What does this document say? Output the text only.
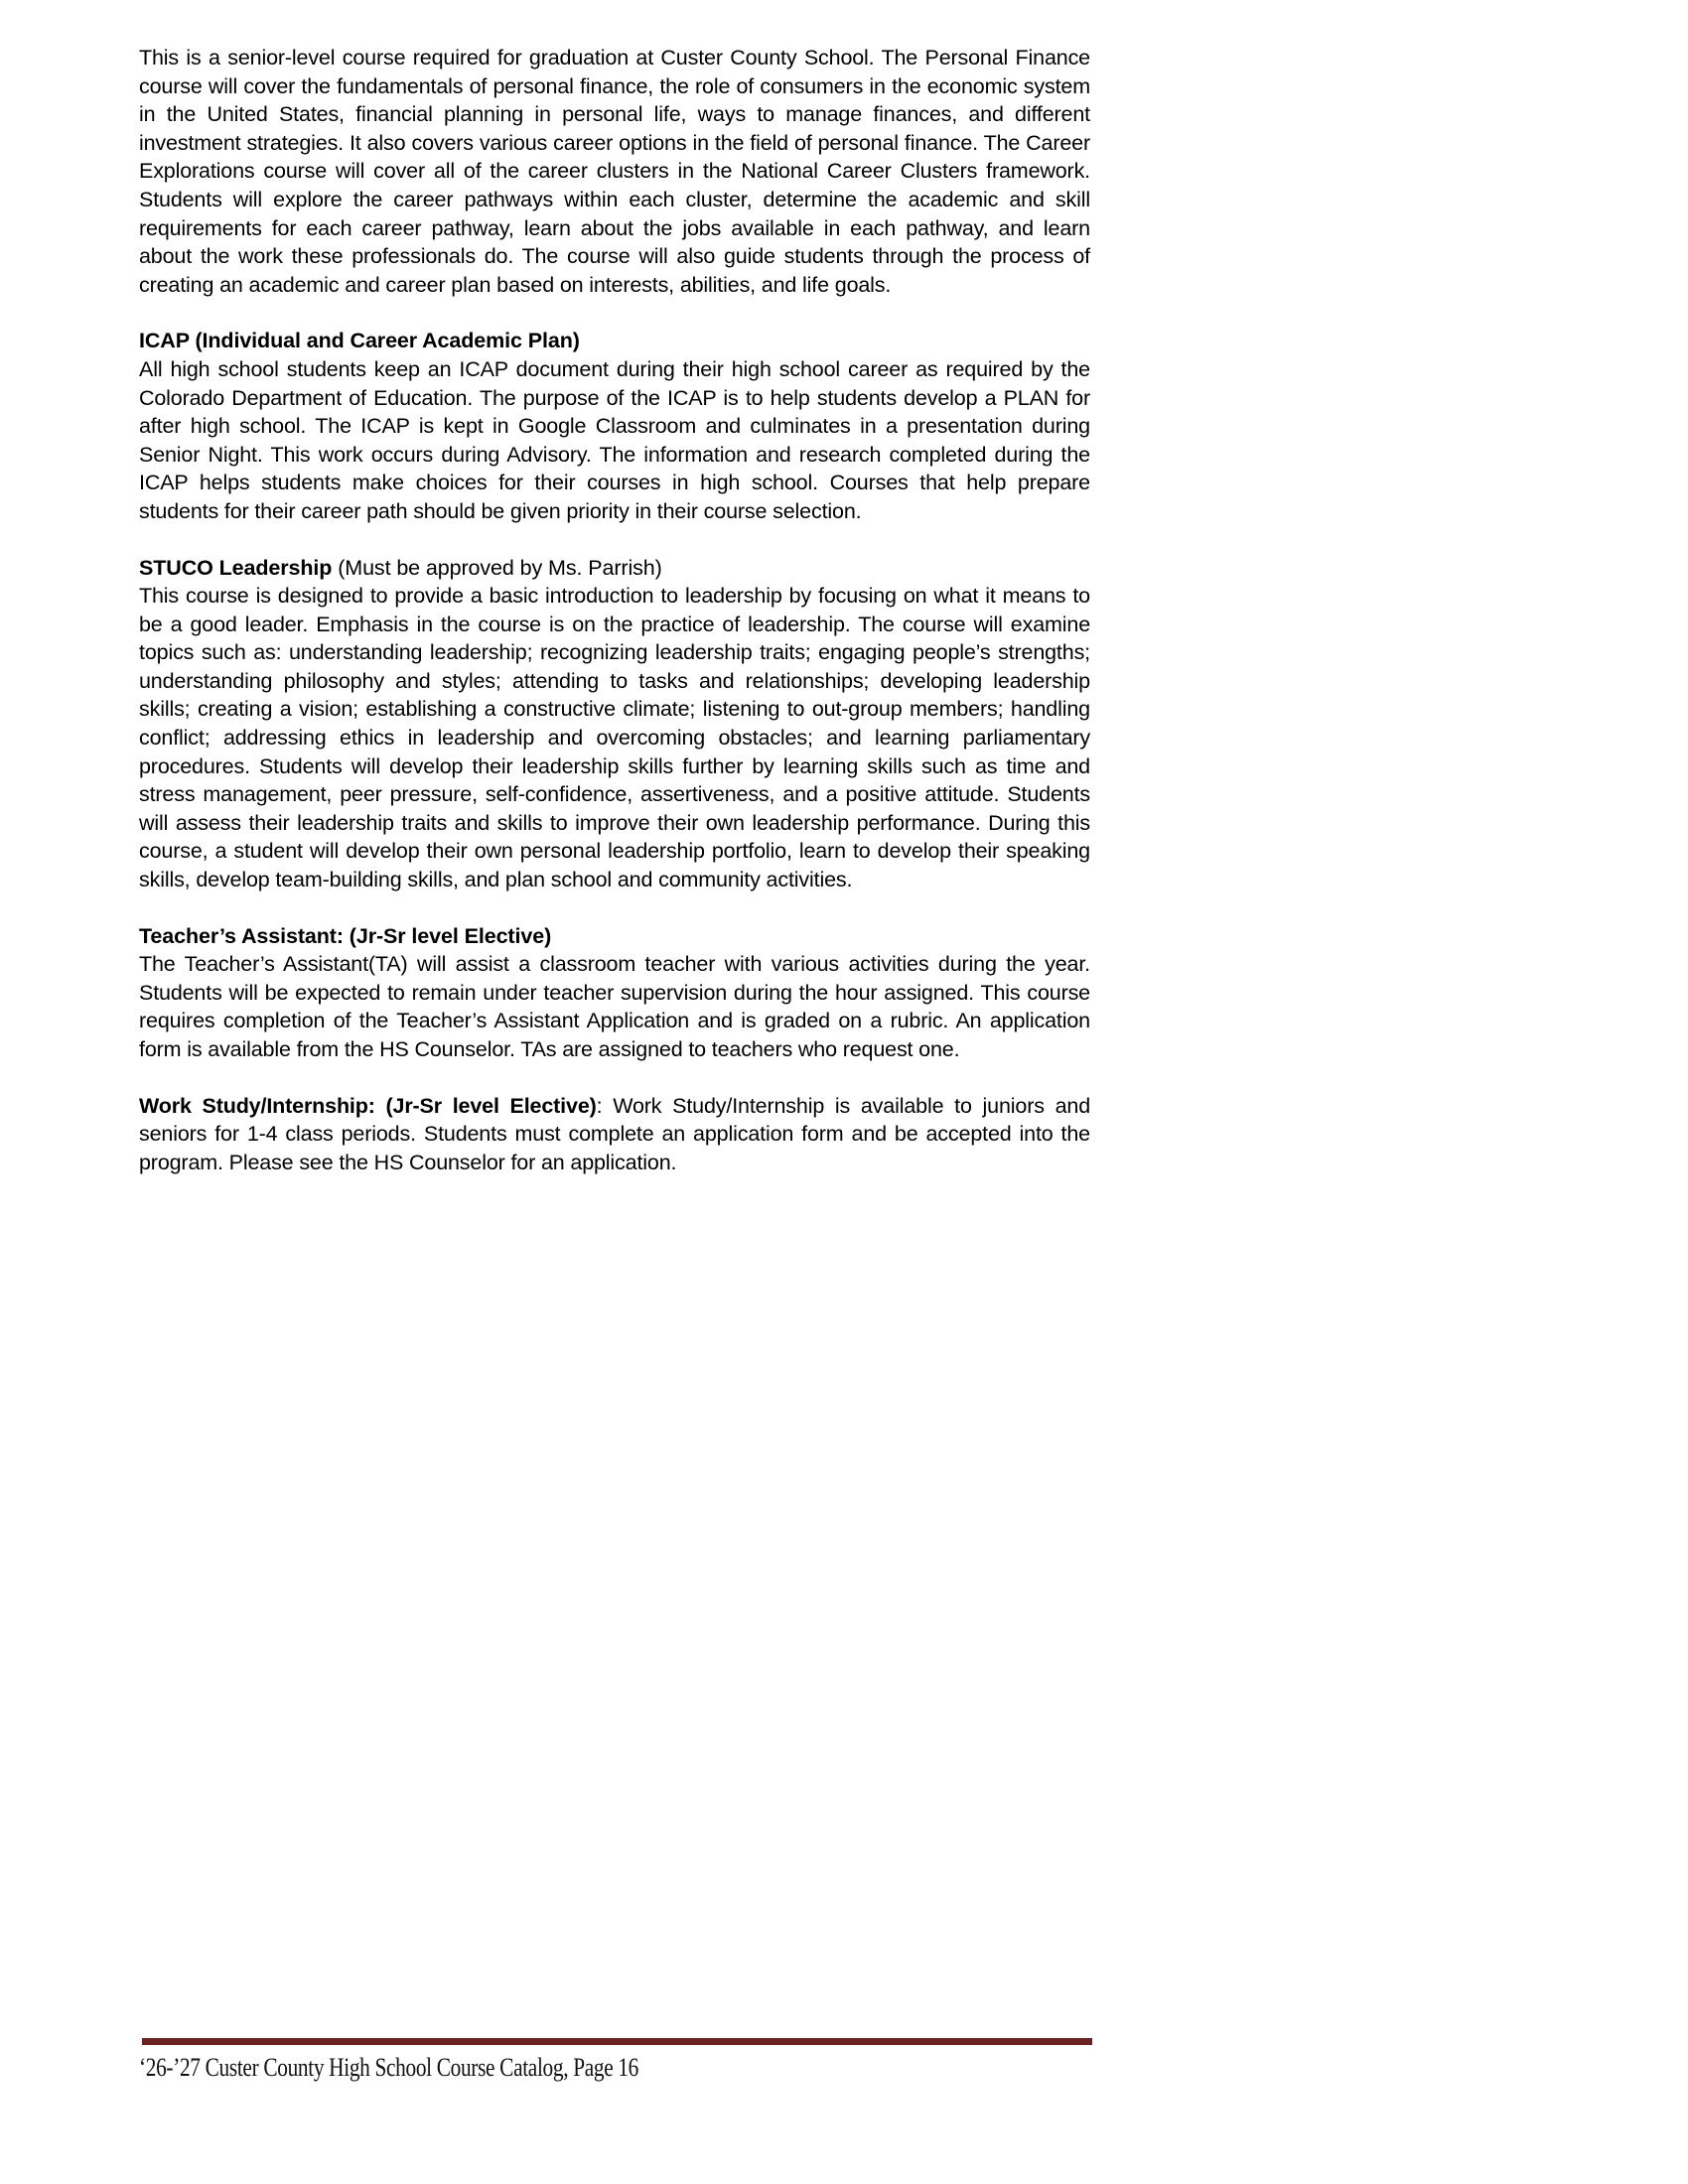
This is a senior-level course required for graduation at Custer County School. The Personal Finance course will cover the fundamentals of personal finance, the role of consumers in the economic system in the United States, financial planning in personal life, ways to manage finances, and different investment strategies. It also covers various career options in the field of personal finance. The Career Explorations course will cover all of the career clusters in the National Career Clusters framework. Students will explore the career pathways within each cluster, determine the academic and skill requirements for each career pathway, learn about the jobs available in each pathway, and learn about the work these professionals do. The course will also guide students through the process of creating an academic and career plan based on interests, abilities, and life goals.

ICAP (Individual and Career Academic Plan)

All high school students keep an ICAP document during their high school career as required by the Colorado Department of Education. The purpose of the ICAP is to help students develop a PLAN for after high school. The ICAP is kept in Google Classroom and culminates in a presentation during Senior Night. This work occurs during Advisory. The information and research completed during the ICAP helps students make choices for their courses in high school. Courses that help prepare students for their career path should be given priority in their course selection.

STUCO Leadership (Must be approved by Ms. Parrish)

This course is designed to provide a basic introduction to leadership by focusing on what it means to be a good leader. Emphasis in the course is on the practice of leadership. The course will examine topics such as: understanding leadership; recognizing leadership traits; engaging people’s strengths; understanding philosophy and styles; attending to tasks and relationships; developing leadership skills; creating a vision; establishing a constructive climate; listening to out-group members; handling conflict; addressing ethics in leadership and overcoming obstacles; and learning parliamentary procedures. Students will develop their leadership skills further by learning skills such as time and stress management, peer pressure, self-confidence, assertiveness, and a positive attitude. Students will assess their leadership traits and skills to improve their own leadership performance. During this course, a student will develop their own personal leadership portfolio, learn to develop their speaking skills, develop team-building skills, and plan school and community activities.

Teacher’s Assistant: (Jr-Sr level Elective)

The Teacher’s Assistant(TA) will assist a classroom teacher with various activities during the year. Students will be expected to remain under teacher supervision during the hour assigned. This course requires completion of the Teacher’s Assistant Application and is graded on a rubric. An application form is available from the HS Counselor. TAs are assigned to teachers who request one.

Work Study/Internship: (Jr-Sr level Elective): Work Study/Internship is available to juniors and seniors for 1-4 class periods. Students must complete an application form and be accepted into the program. Please see the HS Counselor for an application.

‘26-’27 Custer County High School Course Catalog, Page 16
